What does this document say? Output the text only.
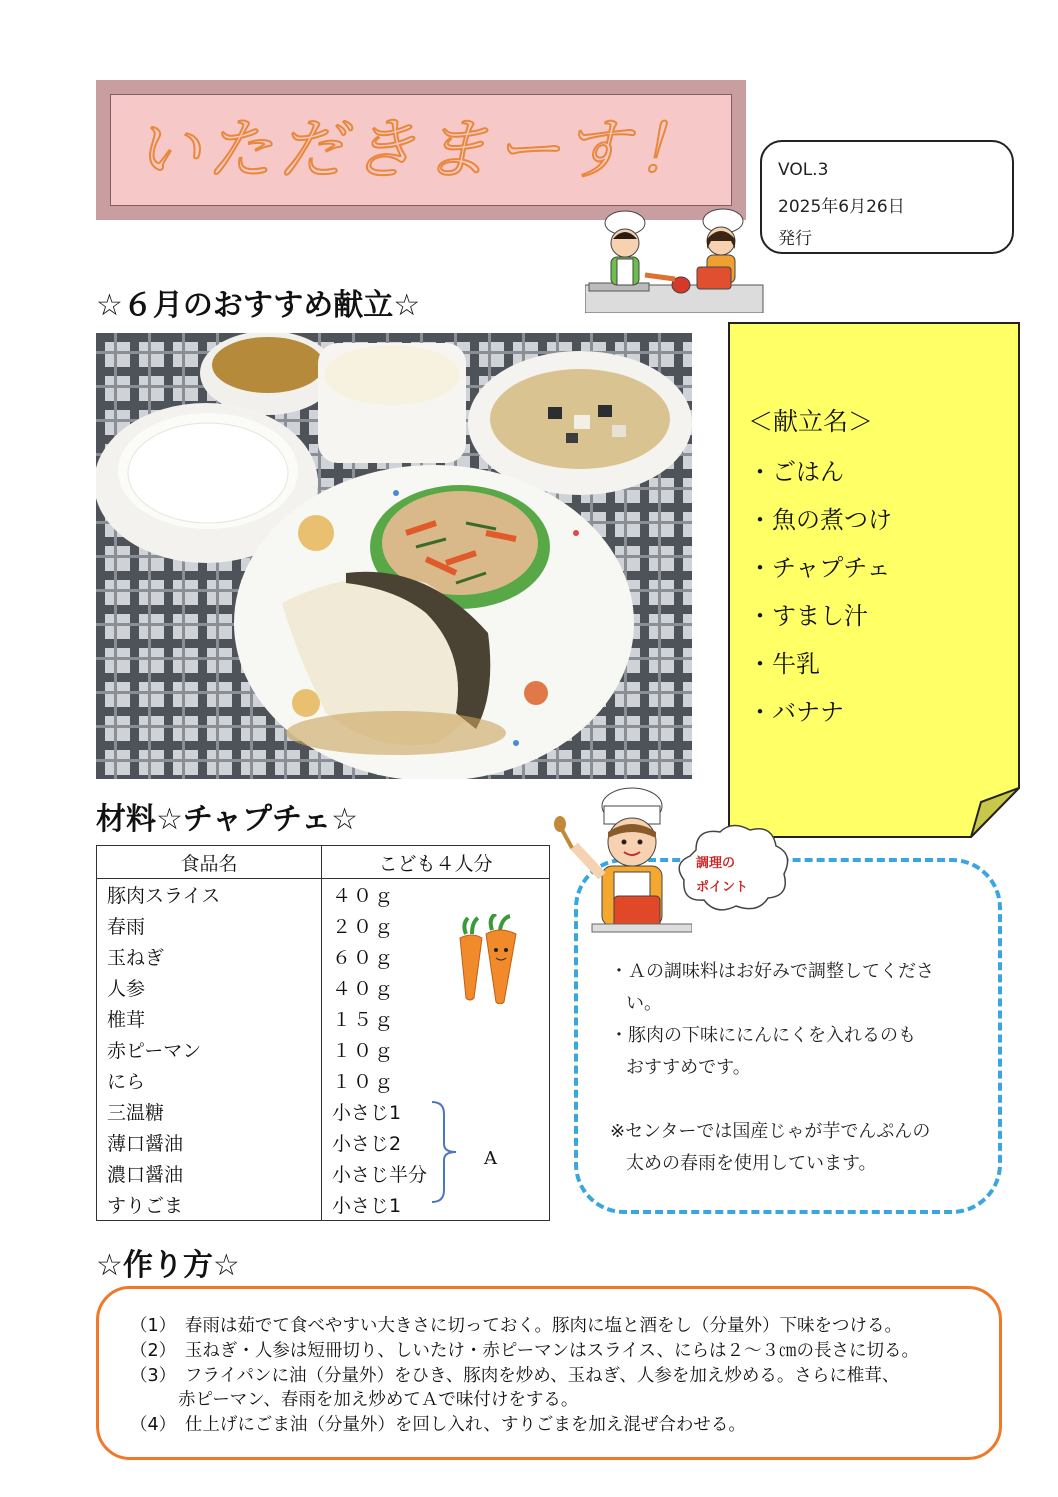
いただきまーす！	VOL.3
2025年6月26日
発行
☆６月のおすすめ献立☆
＜献立名＞
・ごはん
・魚の煮つけ
・チャプチェ
・すまし汁
・牛乳
・バナナ
材料☆チャプチェ☆
食品名	こども４人分
豚肉スライス	４０ｇ
春雨	２０ｇ
玉ねぎ	６０ｇ
人参	４０ｇ
椎茸	１５ｇ
赤ピーマン	１０ｇ
にら	１０ｇ
三温糖	小さじ1
薄口醤油	小さじ2
濃口醤油	小さじ半分
すりごま	小さじ1
A
調理の
ポイント
・Ａの調味料はお好みで調整してくださ
い。
・豚肉の下味ににんにくを入れるのも
おすすめです。
※センターでは国産じゃが芋でんぷんの
太めの春雨を使用しています。
☆作り方☆
（1）　春雨は茹でて食べやすい大きさに切っておく。豚肉に塩と酒をし（分量外）下味をつける。
（2）　玉ねぎ・人参は短冊切り、しいたけ・赤ピーマンはスライス、にらは２～３㎝の長さに切る。
（3）　フライパンに油（分量外）をひき、豚肉を炒め、玉ねぎ、人参を加え炒める。さらに椎茸、
赤ピーマン、春雨を加え炒めてＡで味付けをする。
（4）　仕上げにごま油（分量外）を回し入れ、すりごまを加え混ぜ合わせる。
